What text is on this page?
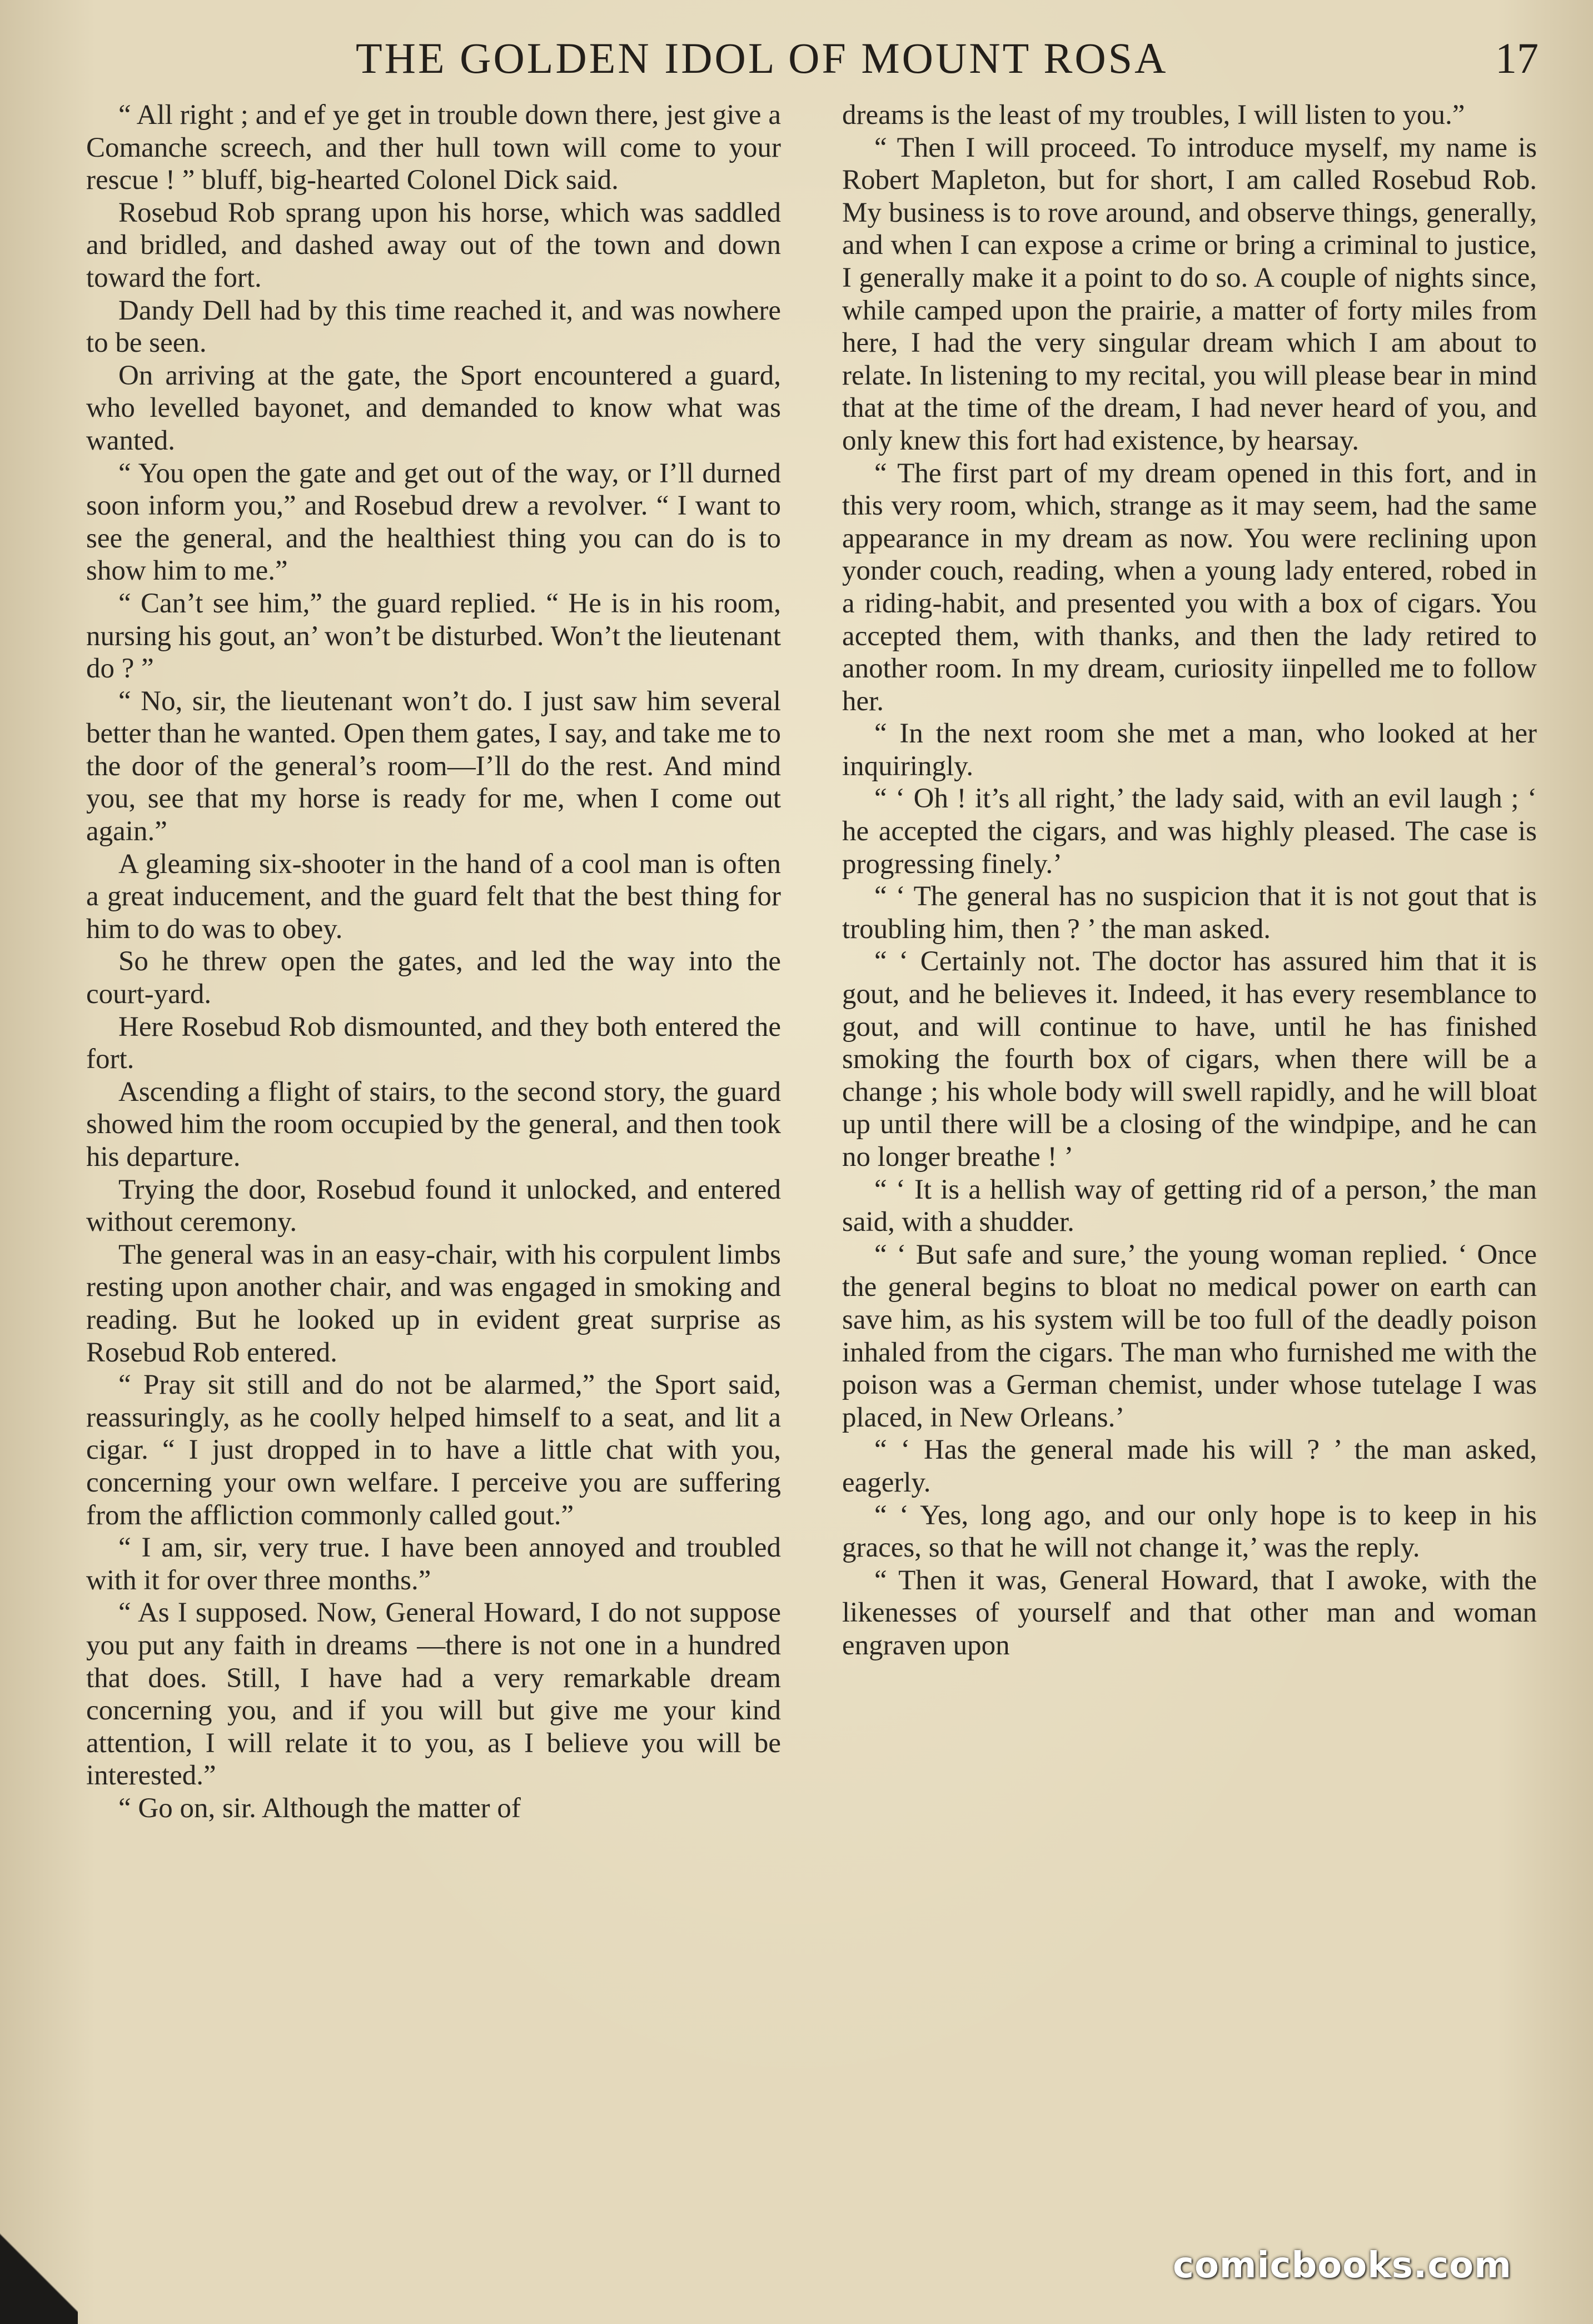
THE GOLDEN IDOL OF MOUNT ROSA	17

“ All right ; and ef ye get in trouble down there, jest give a Comanche screech, and ther hull town will come to your rescue ! ” bluff, big-hearted Colonel Dick said.

Rosebud Rob sprang upon his horse, which was saddled and bridled, and dashed away out of the town and down toward the fort.

Dandy Dell had by this time reached it, and was nowhere to be seen.

On arriving at the gate, the Sport encountered a guard, who levelled bayonet, and demanded to know what was wanted.

“ You open the gate and get out of the way, or I’ll durned soon inform you,” and Rosebud drew a revolver. “ I want to see the general, and the healthiest thing you can do is to show him to me.”

“ Can’t see him,” the guard replied. “ He is in his room, nursing his gout, an’ won’t be disturbed. Won’t the lieutenant do ? ”

“ No, sir, the lieutenant won’t do. I just saw him several better than he wanted. Open them gates, I say, and take me to the door of the general’s room—I’ll do the rest. And mind you, see that my horse is ready for me, when I come out again.”

A gleaming six-shooter in the hand of a cool man is often a great inducement, and the guard felt that the best thing for him to do was to obey.

So he threw open the gates, and led the way into the court-yard.

Here Rosebud Rob dismounted, and they both entered the fort.

Ascending a flight of stairs, to the second story, the guard showed him the room occupied by the general, and then took his departure.

Trying the door, Rosebud found it unlocked, and entered without ceremony.

The general was in an easy-chair, with his corpulent limbs resting upon another chair, and was engaged in smoking and reading. But he looked up in evident great surprise as Rosebud Rob entered.

“ Pray sit still and do not be alarmed,” the Sport said, reassuringly, as he coolly helped himself to a seat, and lit a cigar. “ I just dropped in to have a little chat with you, concerning your own welfare. I perceive you are suffering from the affliction commonly called gout.”

“ I am, sir, very true. I have been annoyed and troubled with it for over three months.”

“ As I supposed. Now, General Howard, I do not suppose you put any faith in dreams —there is not one in a hundred that does. Still, I have had a very remarkable dream concerning you, and if you will but give me your kind attention, I will relate it to you, as I believe you will be interested.”

“ Go on, sir. Although the matter of

dreams is the least of my troubles, I will listen to you.”

“ Then I will proceed. To introduce myself, my name is Robert Mapleton, but for short, I am called Rosebud Rob. My business is to rove around, and observe things, generally, and when I can expose a crime or bring a criminal to justice, I generally make it a point to do so. A couple of nights since, while camped upon the prairie, a matter of forty miles from here, I had the very singular dream which I am about to relate. In listening to my recital, you will please bear in mind that at the time of the dream, I had never heard of you, and only knew this fort had existence, by hearsay.

“ The first part of my dream opened in this fort, and in this very room, which, strange as it may seem, had the same appearance in my dream as now. You were reclining upon yonder couch, reading, when a young lady entered, robed in a riding-habit, and presented you with a box of cigars. You accepted them, with thanks, and then the lady retired to another room. In my dream, curiosity iinpelled me to follow her.

“ In the next room she met a man, who looked at her inquiringly.

“ ‘ Oh ! it’s all right,’ the lady said, with an evil laugh ; ‘ he accepted the cigars, and was highly pleased. The case is progressing finely.’

“ ‘ The general has no suspicion that it is not gout that is troubling him, then ? ’ the man asked.

“ ‘ Certainly not. The doctor has assured him that it is gout, and he believes it. Indeed, it has every resemblance to gout, and will continue to have, until he has finished smoking the fourth box of cigars, when there will be a change ; his whole body will swell rapidly, and he will bloat up until there will be a closing of the windpipe, and he can no longer breathe ! ’

“ ‘ It is a hellish way of getting rid of a person,’ the man said, with a shudder.

“ ‘ But safe and sure,’ the young woman replied. ‘ Once the general begins to bloat no medical power on earth can save him, as his system will be too full of the deadly poison inhaled from the cigars. The man who furnished me with the poison was a German chemist, under whose tutelage I was placed, in New Orleans.’

“ ‘ Has the general made his will ? ’ the man asked, eagerly.

“ ‘ Yes, long ago, and our only hope is to keep in his graces, so that he will not change it,’ was the reply.

“ Then it was, General Howard, that I awoke, with the likenesses of yourself and that other man and woman engraven upon

comicbooks.com
